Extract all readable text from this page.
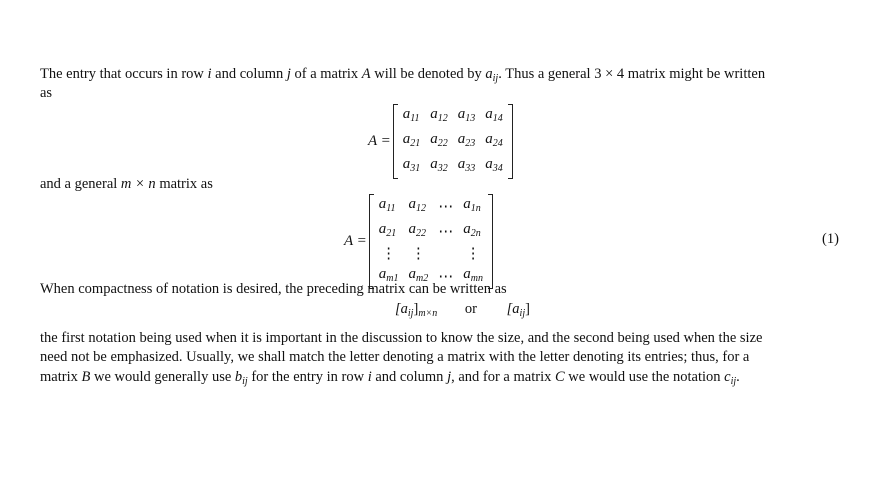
The entry that occurs in row i and column j of a matrix A will be denoted by $a_{ij}$. Thus a general 3 × 4 matrix might be written
as
A =
$a_{11}$	$a_{12}$	$a_{13}$	$a_{14}$
$a_{21}$	$a_{22}$	$a_{23}$	$a_{24}$
$a_{31}$	$a_{32}$	$a_{33}$	$a_{34}$
and a general m × n matrix as
A =
$a_{11}$	$a_{12}$	⋯	$a_{1n}$
$a_{21}$	$a_{22}$	⋯	$a_{2n}$
⋮	⋮		⋮
$a_{m1}$	$a_{m2}$	⋯	$a_{mn}$
(1)
When compactness of notation is desired, the preceding matrix can be written as
$[a_{ij}]_{m\times n}$ or $[a_{ij}]$
the first notation being used when it is important in the discussion to know the size, and the second being used when the size
need not be emphasized. Usually, we shall match the letter denoting a matrix with the letter denoting its entries; thus, for a
matrix B we would generally use $b_{ij}$ for the entry in row i and column j, and for a matrix C we would use the notation $c_{ij}$.
